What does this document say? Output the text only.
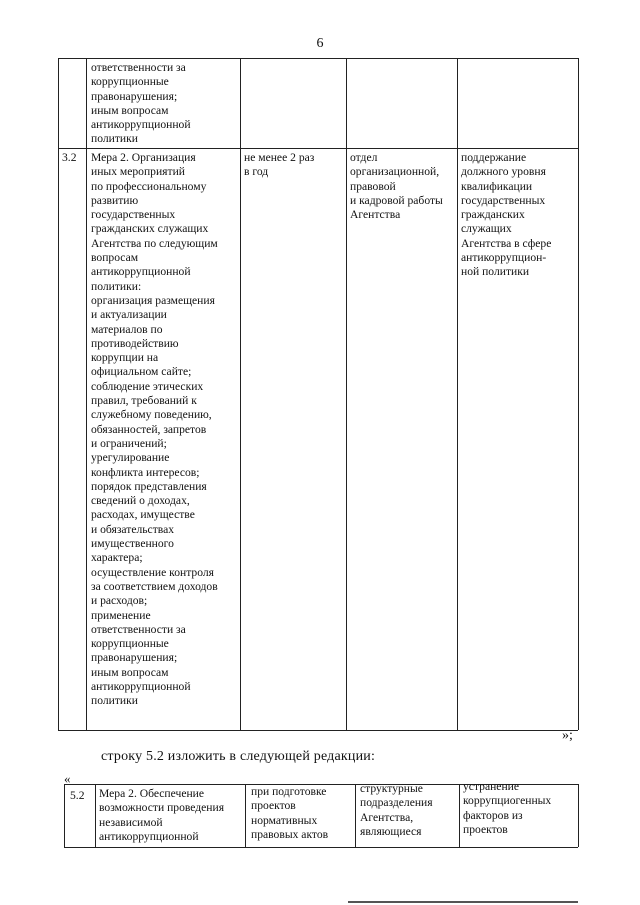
6
ответственности за
коррупционные
правонарушения;
иным вопросам
антикоррупционной
политики
3.2	Мера 2. Организация
иных мероприятий
по профессиональному
развитию
государственных
гражданских служащих
Агентства по следующим
вопросам
антикоррупционной
политики:
организация размещения
и актуализации
материалов по
противодействию
коррупции на
официальном сайте;
соблюдение этических
правил, требований к
служебному поведению,
обязанностей, запретов
и ограничений;
урегулирование
конфликта интересов;
порядок представления
сведений о доходах,
расходах, имуществе
и обязательствах
имущественного
характера;
осуществление контроля
за соответствием доходов
и расходов;
применение
ответственности за
коррупционные
правонарушения;
иным вопросам
антикоррупционной
политики
не менее 2 раз
в год
отдел
организационной,
правовой
и кадровой работы
Агентства
поддержание
должного уровня
квалификации
государственных
гражданских
служащих
Агентства в сфере
антикоррупцион-
ной политики
»;
строку 5.2 изложить в следующей редакции:
«
5.2	Мера 2. Обеспечение
возможности проведения
независимой
антикоррупционной
при подготовке
проектов
нормативных
правовых актов
структурные
подразделения
Агентства,
являющиеся
устранение
коррупциогенных
факторов из
проектов
